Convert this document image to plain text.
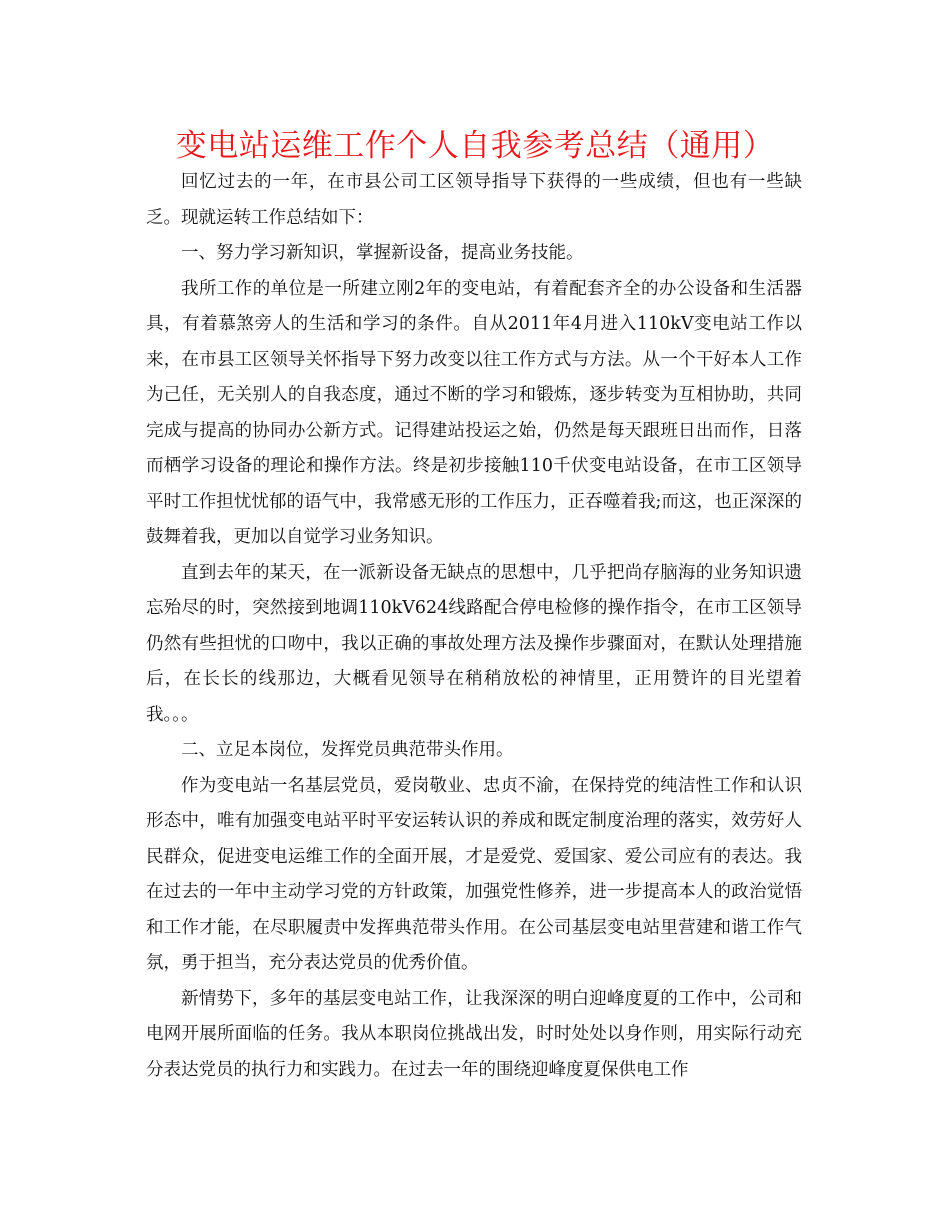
变电站运维工作个人自我参考总结（通用）

回忆过去的一年，在市县公司工区领导指导下获得的一些成绩，但也有一些缺乏。现就运转工作总结如下：

一、努力学习新知识，掌握新设备，提高业务技能。

我所工作的单位是一所建立刚2年的变电站，有着配套齐全的办公设备和生活器具，有着慕煞旁人的生活和学习的条件。自从2011年4月进入110kV变电站工作以来，在市县工区领导关怀指导下努力改变以往工作方式与方法。从一个干好本人工作为己任，无关别人的自我态度，通过不断的学习和锻炼，逐步转变为互相协助，共同完成与提高的协同办公新方式。记得建站投运之始，仍然是每天跟班日出而作，日落而栖学习设备的理论和操作方法。终是初步接触110千伏变电站设备，在市工区领导平时工作担忧忧郁的语气中，我常感无形的工作压力，正吞噬着我;而这，也正深深的鼓舞着我，更加以自觉学习业务知识。

直到去年的某天，在一派新设备无缺点的思想中，几乎把尚存脑海的业务知识遗忘殆尽的时，突然接到地调110kV624线路配合停电检修的操作指令，在市工区领导仍然有些担忧的口吻中，我以正确的事故处理方法及操作步骤面对，在默认处理措施后，在长长的线那边，大概看见领导在稍稍放松的神情里，正用赞许的目光望着我。。。

二、立足本岗位，发挥党员典范带头作用。

作为变电站一名基层党员，爱岗敬业、忠贞不渝，在保持党的纯洁性工作和认识形态中，唯有加强变电站平时平安运转认识的养成和既定制度治理的落实，效劳好人民群众，促进变电运维工作的全面开展，才是爱党、爱国家、爱公司应有的表达。我在过去的一年中主动学习党的方针政策，加强党性修养，进一步提高本人的政治觉悟和工作才能，在尽职履责中发挥典范带头作用。在公司基层变电站里营建和谐工作气氛，勇于担当，充分表达党员的优秀价值。

新情势下，多年的基层变电站工作，让我深深的明白迎峰度夏的工作中，公司和电网开展所面临的任务。我从本职岗位挑战出发，时时处处以身作则，用实际行动充分表达党员的执行力和实践力。在过去一年的围绕迎峰度夏保供电工作
